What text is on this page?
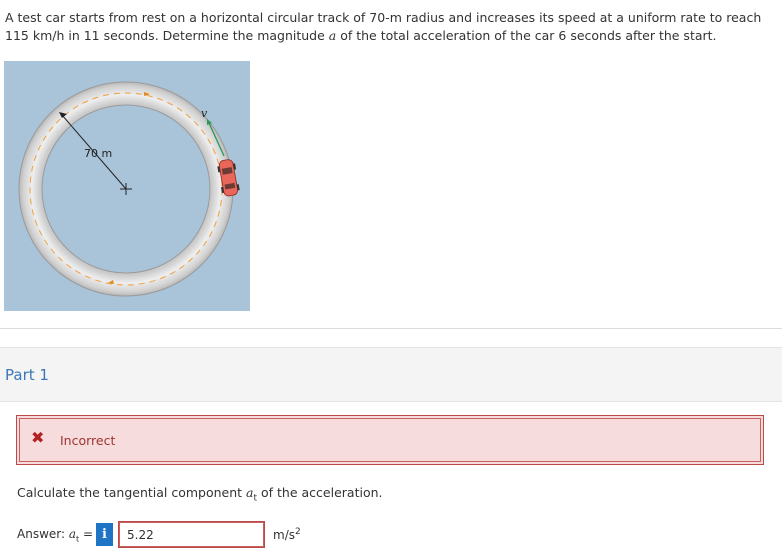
A test car starts from rest on a horizontal circular track of 70-m radius and increases its speed at a uniform rate to reach 115 km/h in 11 seconds. Determine the magnitude a of the total acceleration of the car 6 seconds after the start.
70 m
v
Part 1
✖ Incorrect
Calculate the tangential component $a_t$ of the acceleration.
Answer: $a_t = i$
5.22	$m/s^2$
